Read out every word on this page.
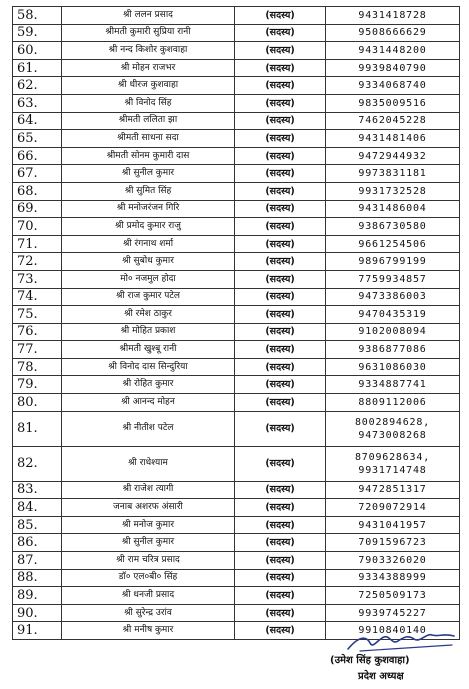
58.	श्री ललन प्रसाद	(सदस्य)	9431418728

59.	श्रीमती कुमारी सुप्रिया रानी	(सदस्य)	9508666629

60.	श्री नन्द किशोर कुशवाहा	(सदस्य)	9431448200

61.	श्री मोहन राजभर	(सदस्य)	9939840790

62.	श्री धीरज कुशवाहा	(सदस्य)	9334068740

63.	श्री विनोद सिंह	(सदस्य)	9835009516

64.	श्रीमती ललिता झा	(सदस्य)	7462045228

65.	श्रीमती साधना सदा	(सदस्य)	9431481406

66.	श्रीमती सोनम कुमारी दास	(सदस्य)	9472944932

67.	श्री सुनील कुमार	(सदस्य)	9973831181

68.	श्री सुमित सिंह	(सदस्य)	9931732528

69.	श्री मनोजरंजन गिरि	(सदस्य)	9431486004

70.	श्री प्रमोद कुमार राजु	(सदस्य)	9386730580

71.	श्री रंगनाथ शर्मा	(सदस्य)	9661254506

72.	श्री सुबोध कुमार	(सदस्य)	9896799199

73.	मो० नजमुल होदा	(सदस्य)	7759934857

74.	श्री राज कुमार पटेल	(सदस्य)	9473386003

75.	श्री रमेश ठाकुर	(सदस्य)	9470435319

76.	श्री मोहित प्रकाश	(सदस्य)	9102008094

77.	श्रीमती खुश्बू रानी	(सदस्य)	9386877086

78.	श्री विनोद दास सिन्दुरिया	(सदस्य)	9631086030

79.	श्री रोहित कुमार	(सदस्य)	9334887741

80.	श्री आनन्द मोहन	(सदस्य)	8809112006

81.	श्री नीतीश पटेल	(सदस्य)	8002894628,
9473008268

82.	श्री राधेश्याम	(सदस्य)	8709628634,
9931714748

83.	श्री राजेश त्यागी	(सदस्य)	9472851317

84.	जनाब अशरफ अंसारी	(सदस्य)	7209072914

85.	श्री मनोज कुमार	(सदस्य)	9431041957

86.	श्री सुनील कुमार	(सदस्य)	7091596723

87.	श्री राम चरित्र प्रसाद	(सदस्य)	7903326020

88.	डॉ० एल०बी० सिंह	(सदस्य)	9334388999

89.	श्री धनजी प्रसाद	(सदस्य)	7250509173

90.	श्री सुरेन्द्र उरांव	(सदस्य)	9939745227

91.	श्री मनीष कुमार	(सदस्य)	9910840140
(उमेश सिंह कुशवाहा)
प्रदेश अध्यक्ष
